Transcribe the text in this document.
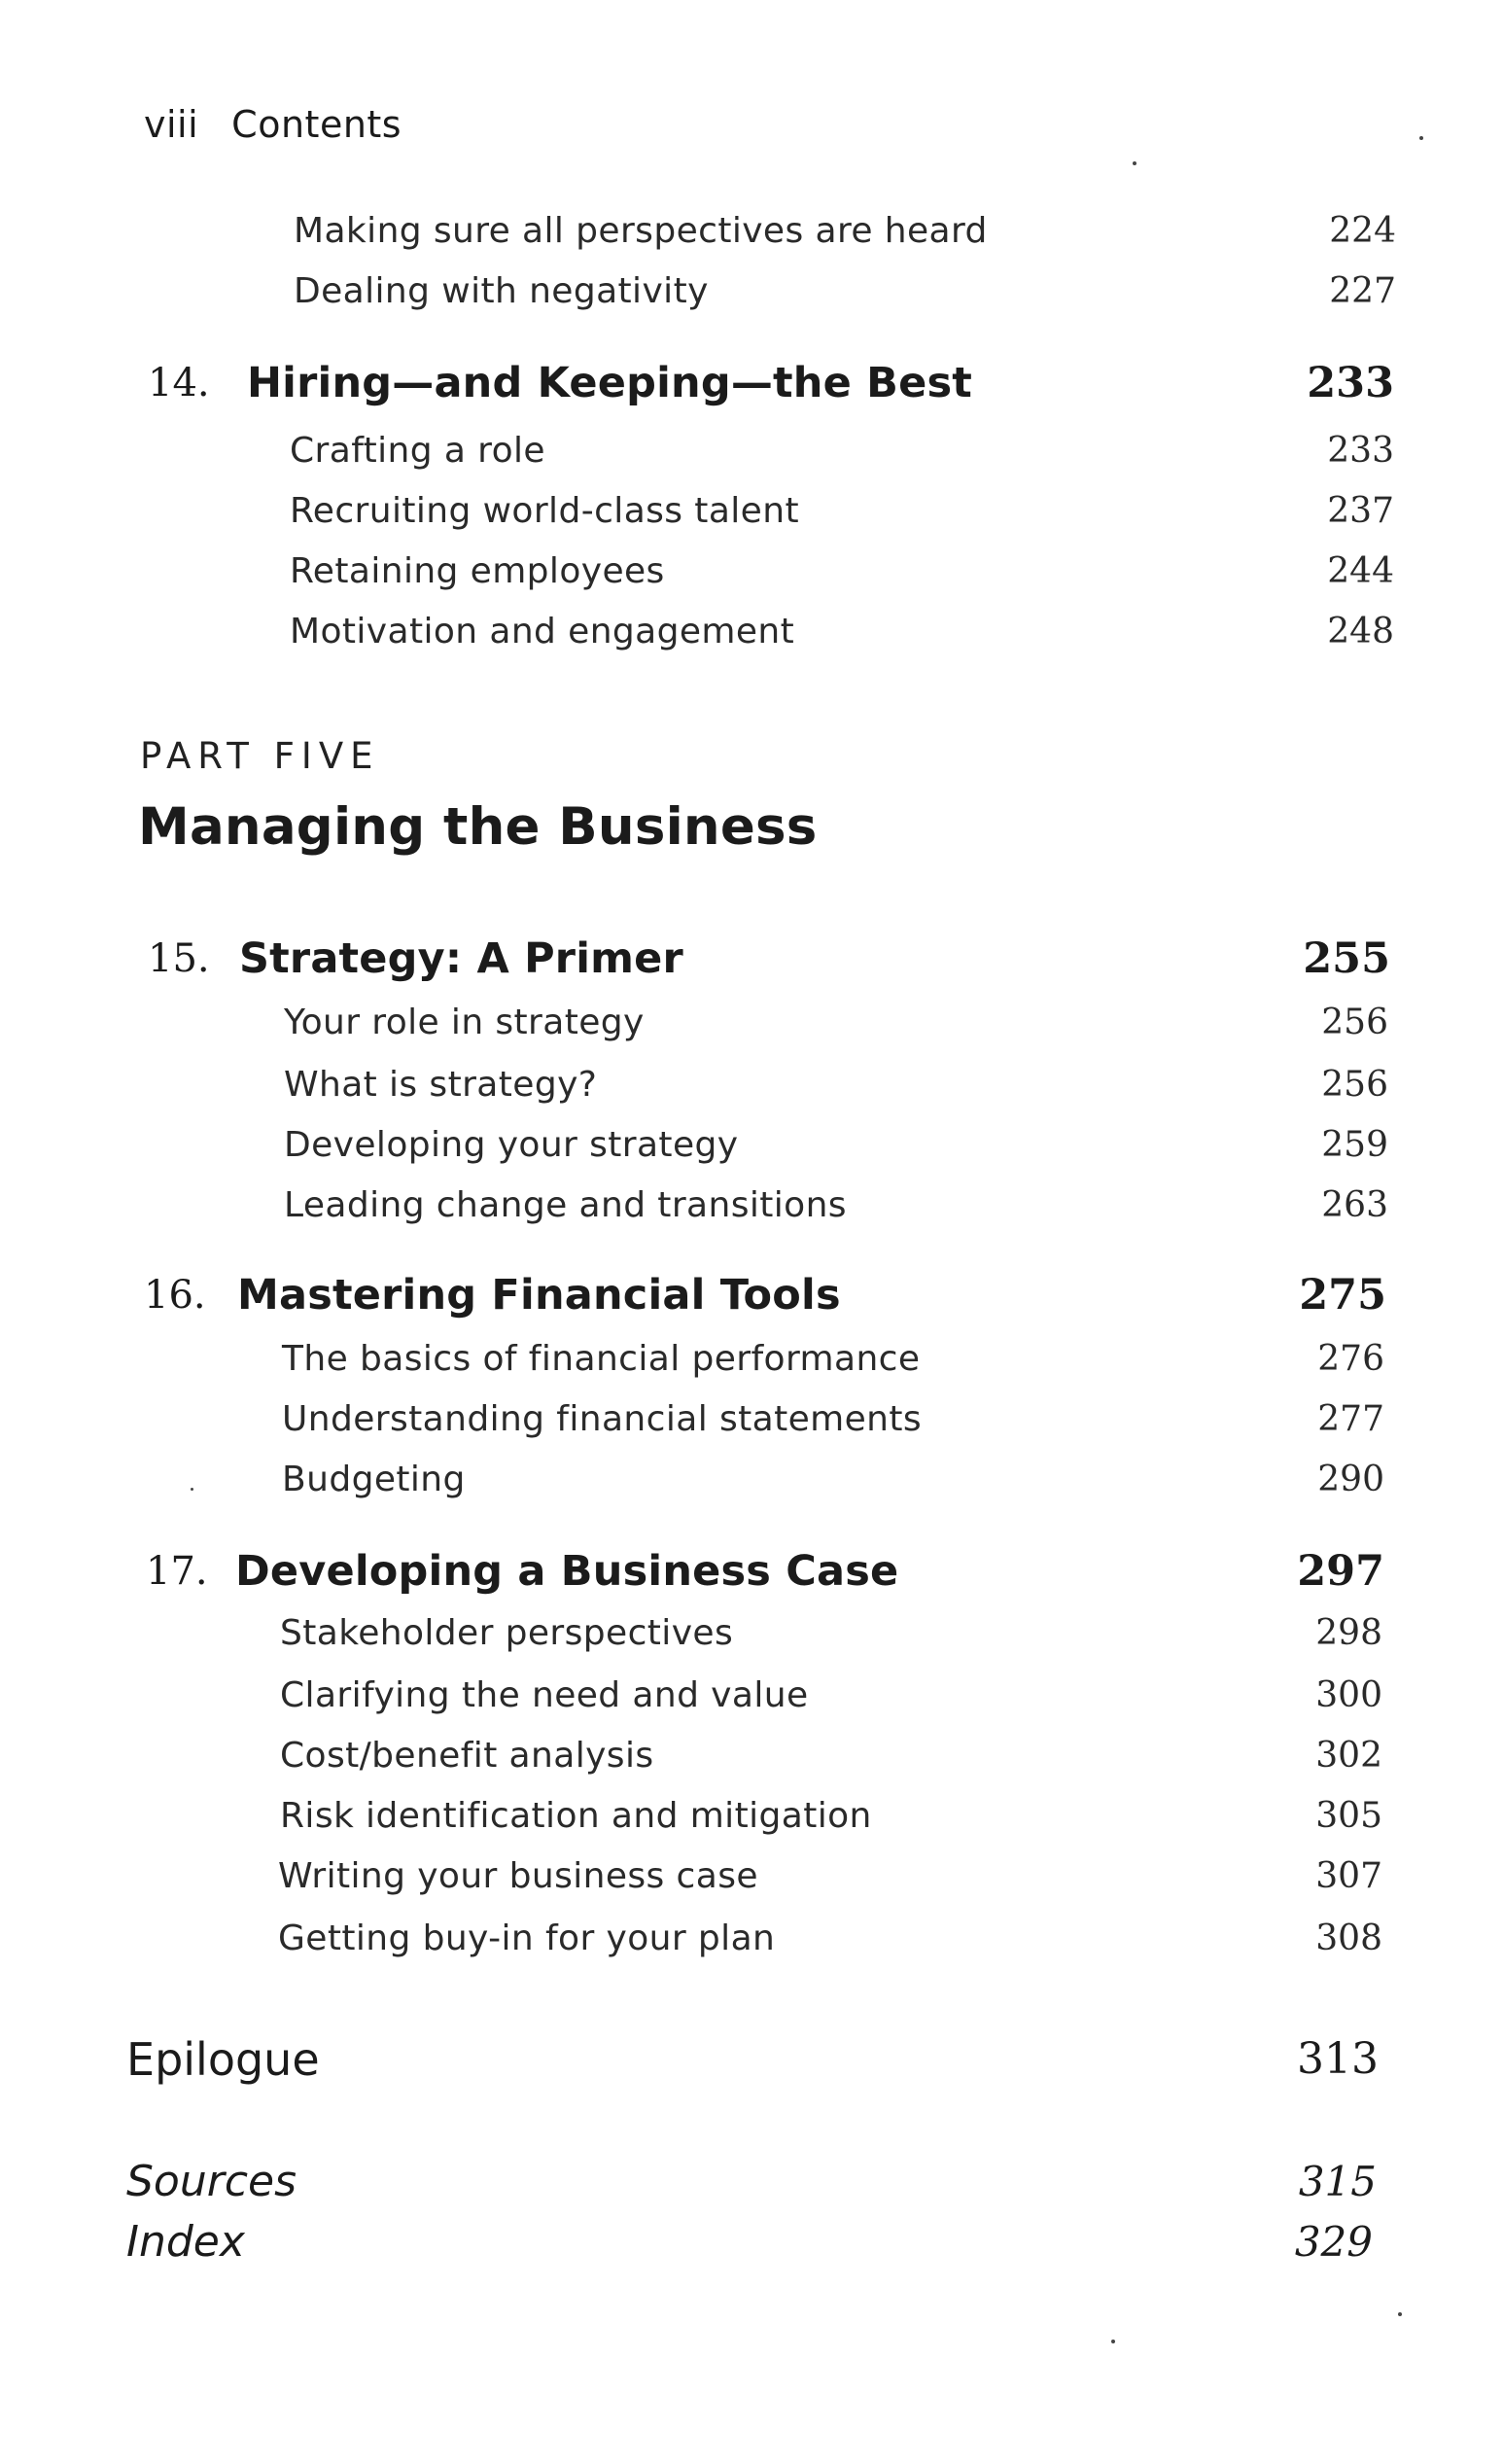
viii Contents
Making sure all perspectives are heard	224
Dealing with negativity	227
14. Hiring—and Keeping—the Best	233
Crafting a role	233
Recruiting world-class talent	237
Retaining employees	244
Motivation and engagement	248
PART FIVE
Managing the Business
15. Strategy: A Primer	255
Your role in strategy	256
What is strategy?	256
Developing your strategy	259
Leading change and transitions	263
16. Mastering Financial Tools	275
The basics of financial performance	276
Understanding financial statements	277
Budgeting	290
17. Developing a Business Case	297
Stakeholder perspectives	298
Clarifying the need and value	300
Cost/benefit analysis	302
Risk identification and mitigation	305
Writing your business case	307
Getting buy-in for your plan	308
Epilogue	313
Sources	315
Index	329
